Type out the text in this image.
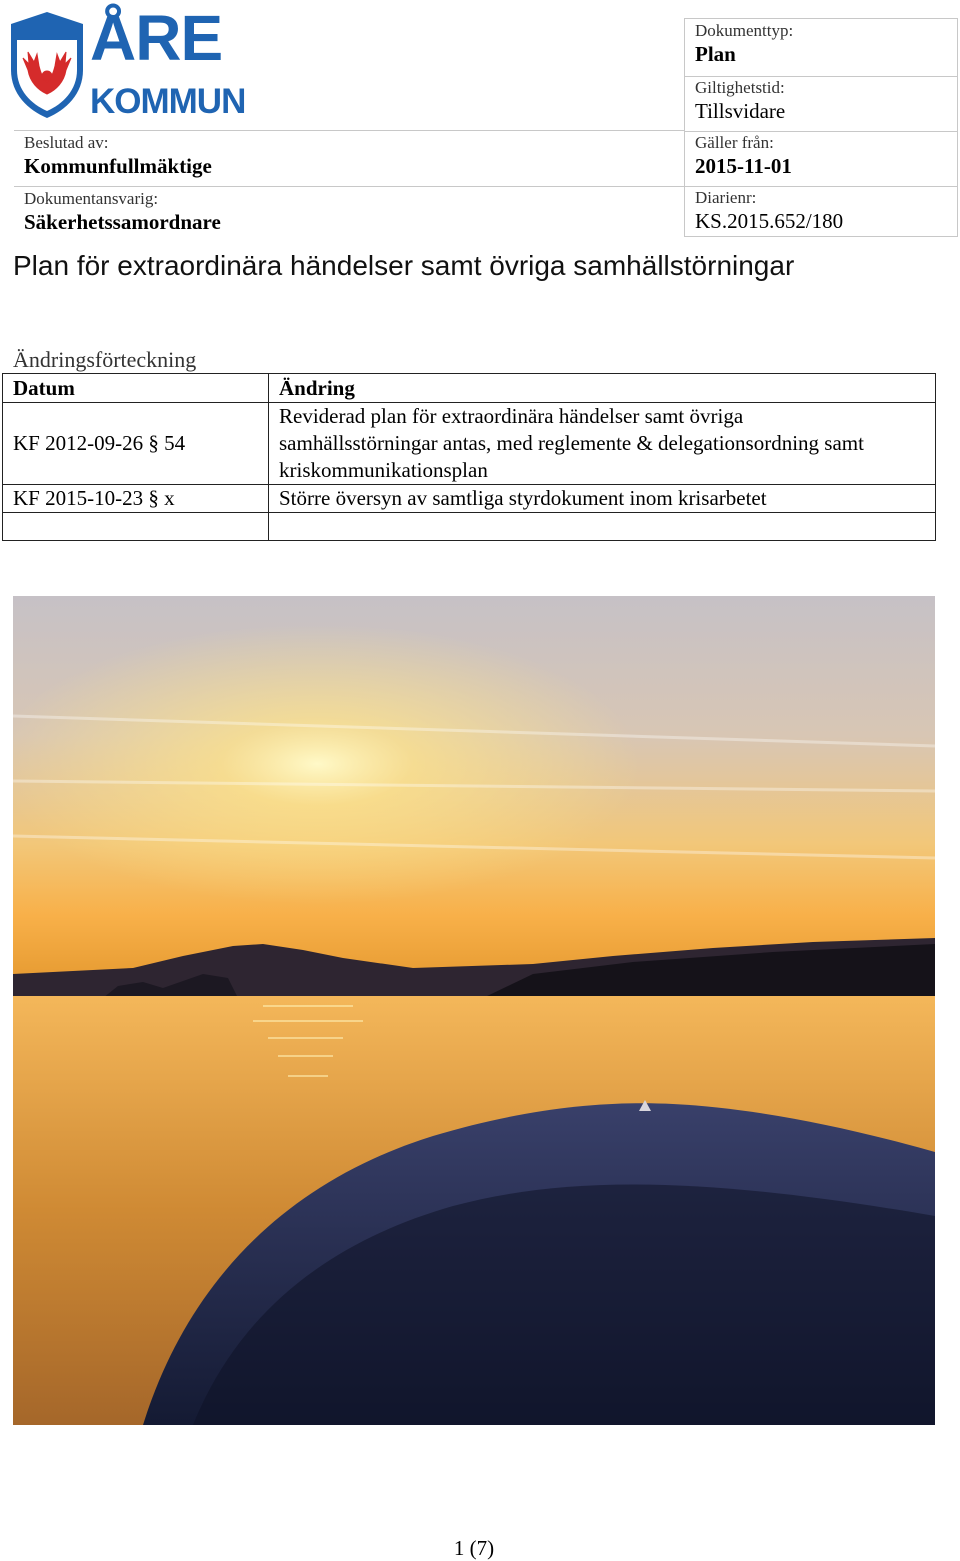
ÅRE
KOMMUN
Beslutad av:
Kommunfullmäktige
Dokumentansvarig:
Säkerhetssamordnare
Dokumenttyp:
Plan
Giltighetstid:
Tillsvidare
Gäller från:
2015-11-01
Diarienr:
KS.2015.652/180
Plan för extraordinära händelser samt övriga samhällstörningar
Ändringsförteckning
Datum	Ändring
KF 2012-09-26 § 54	Reviderad plan för extraordinära händelser samt övriga samhällsstörningar antas, med reglemente & delegationsordning samt kriskommunikationsplan
KF 2015-10-23 § x	Större översyn av samtliga styrdokument inom krisarbetet

1 (7)
